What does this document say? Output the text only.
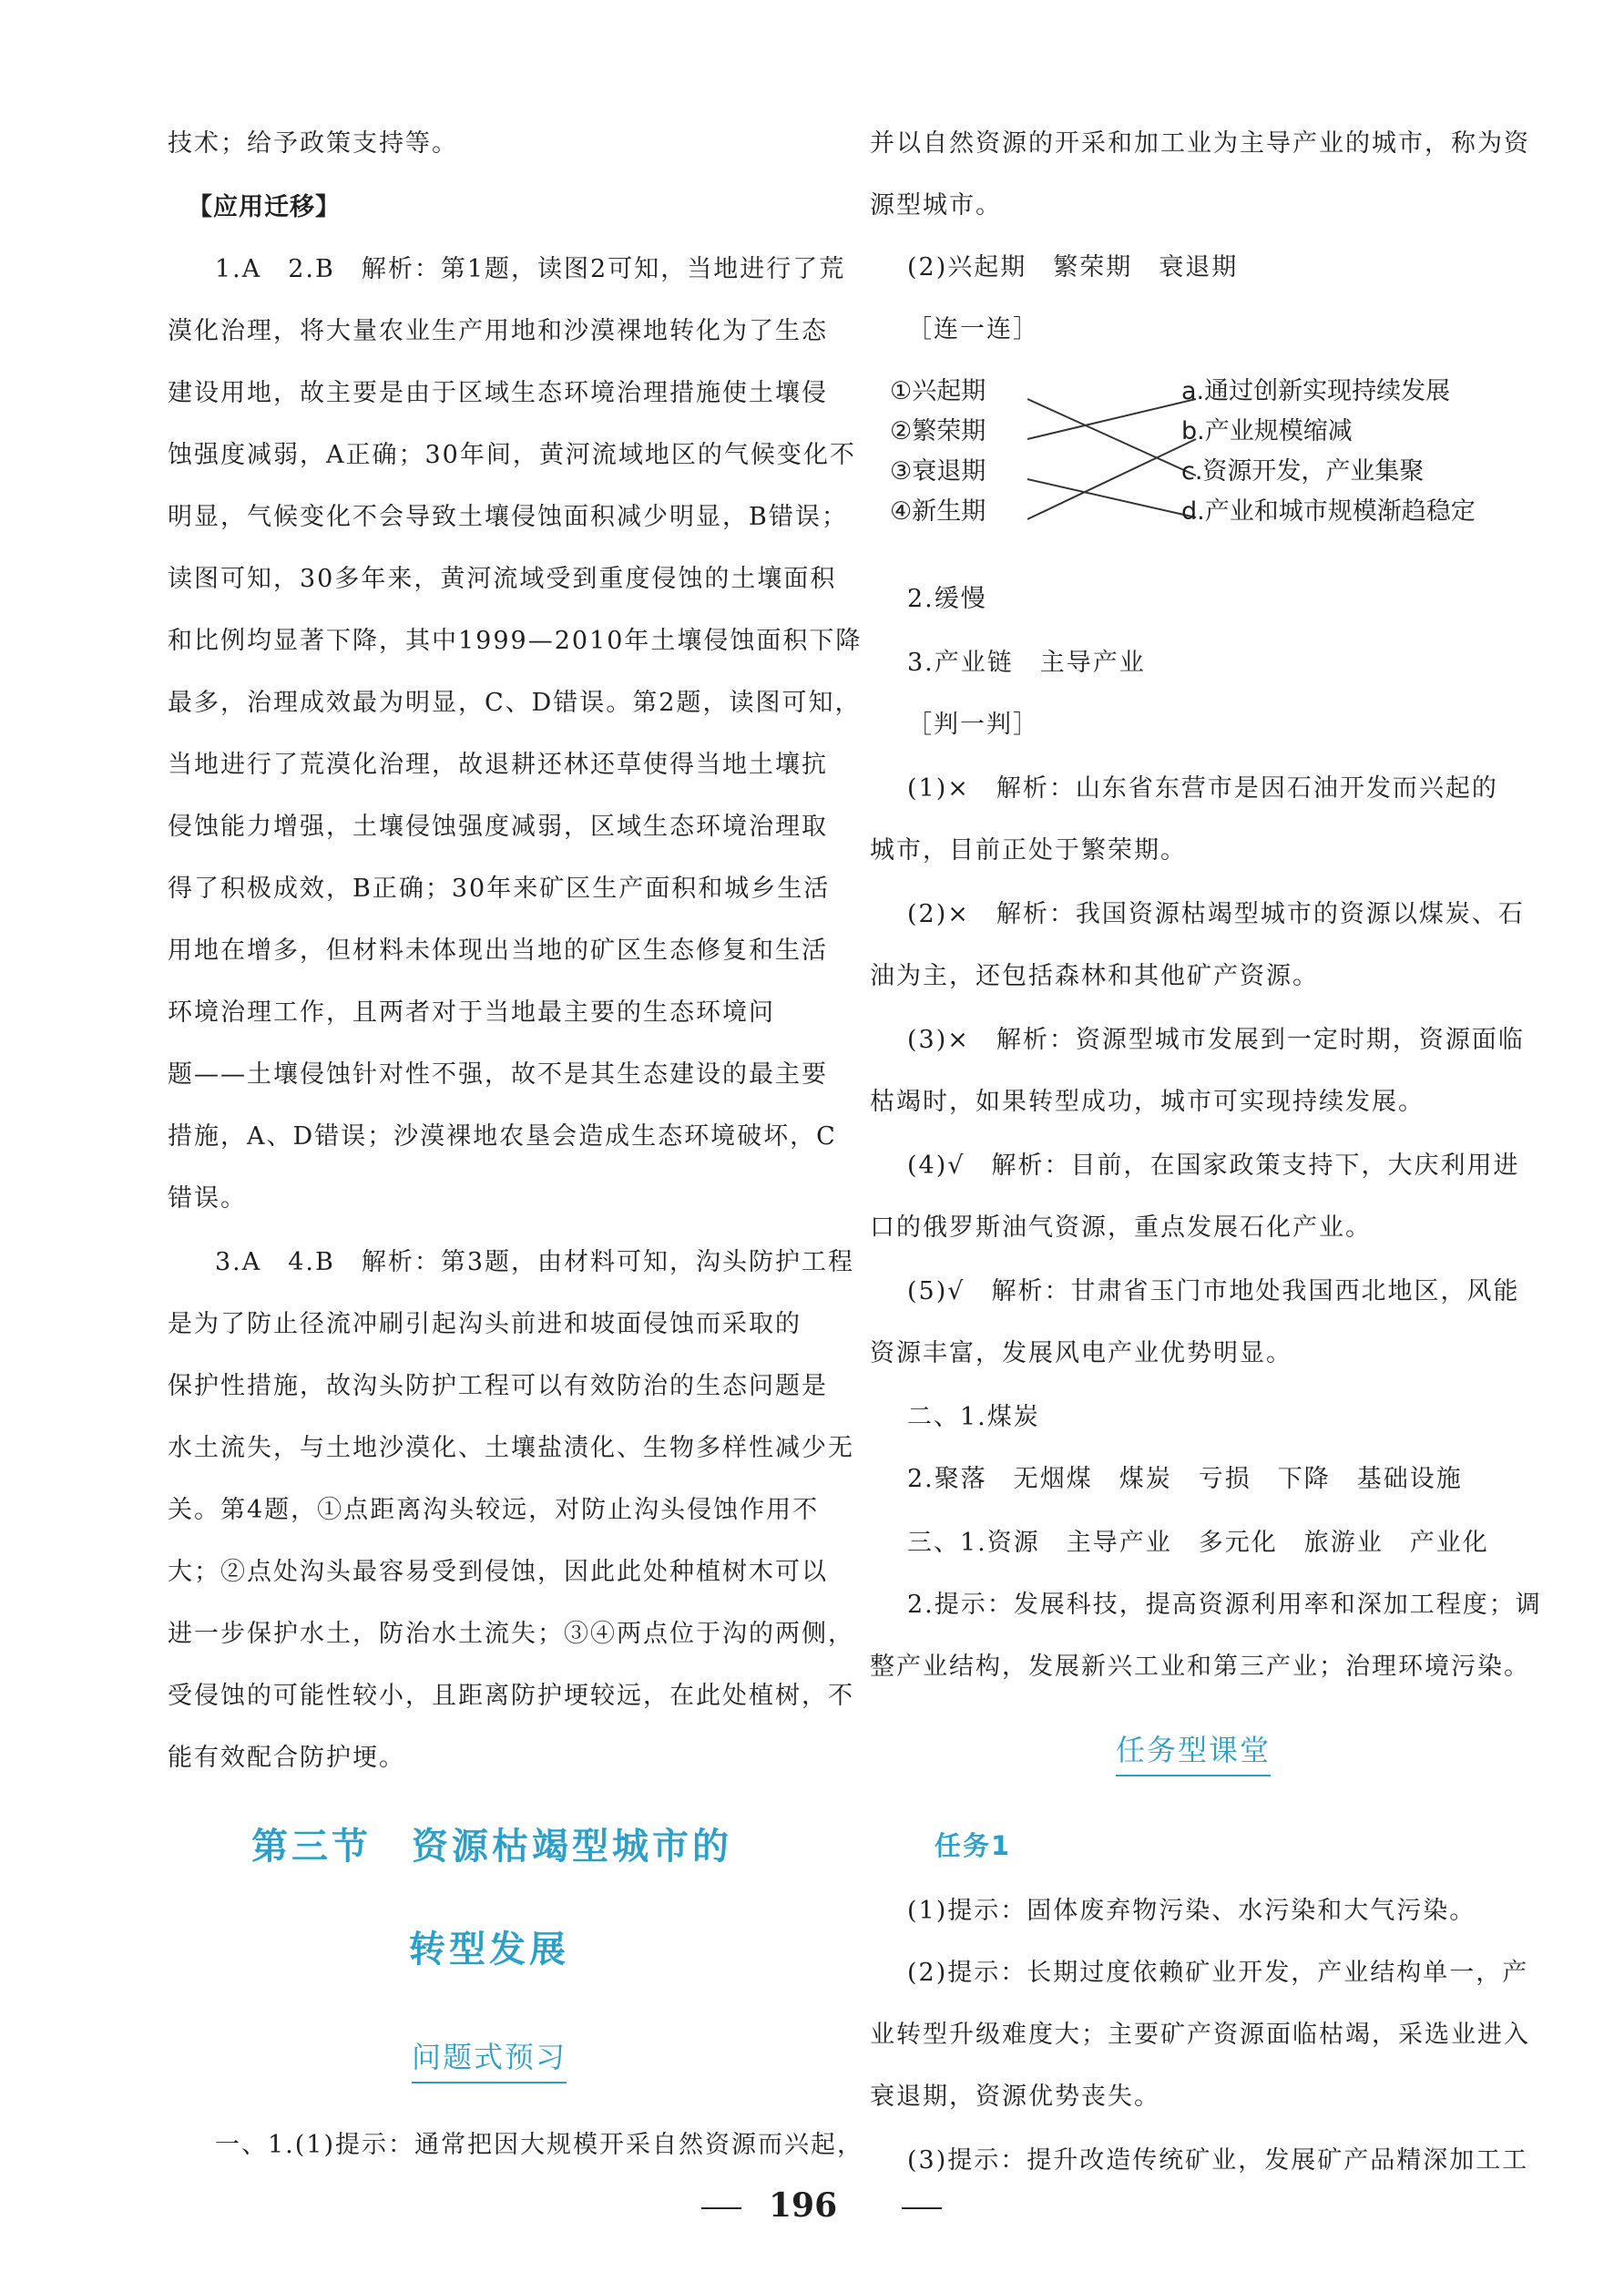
技术；给予政策支持等。
【应用迁移】
1.A　2.B　解析：第1题，读图2可知，当地进行了荒
漠化治理，将大量农业生产用地和沙漠裸地转化为了生态
建设用地，故主要是由于区域生态环境治理措施使土壤侵
蚀强度减弱，A正确；30年间，黄河流域地区的气候变化不
明显，气候变化不会导致土壤侵蚀面积减少明显，B错误；
读图可知，30多年来，黄河流域受到重度侵蚀的土壤面积
和比例均显著下降，其中1999—2010年土壤侵蚀面积下降
最多，治理成效最为明显，C、D错误。第2题，读图可知，
当地进行了荒漠化治理，故退耕还林还草使得当地土壤抗
侵蚀能力增强，土壤侵蚀强度减弱，区域生态环境治理取
得了积极成效，B正确；30年来矿区生产面积和城乡生活
用地在增多，但材料未体现出当地的矿区生态修复和生活
环境治理工作，且两者对于当地最主要的生态环境问
题——土壤侵蚀针对性不强，故不是其生态建设的最主要
措施，A、D错误；沙漠裸地农垦会造成生态环境破坏，C
错误。
3.A　4.B　解析：第3题，由材料可知，沟头防护工程
是为了防止径流冲刷引起沟头前进和坡面侵蚀而采取的
保护性措施，故沟头防护工程可以有效防治的生态问题是
水土流失，与土地沙漠化、土壤盐渍化、生物多样性减少无
关。第4题，①点距离沟头较远，对防止沟头侵蚀作用不
大；②点处沟头最容易受到侵蚀，因此此处种植树木可以
进一步保护水土，防治水土流失；③④两点位于沟的两侧，
受侵蚀的可能性较小，且距离防护埂较远，在此处植树，不
能有效配合防护埂。
第三节　资源枯竭型城市的
转型发展
问题式预习
一、1.(1)提示：通常把因大规模开采自然资源而兴起，
并以自然资源的开采和加工业为主导产业的城市，称为资
源型城市。
(2)兴起期　繁荣期　衰退期
［连一连］
①兴起期
②繁荣期
③衰退期
④新生期
a.通过创新实现持续发展
b.产业规模缩减
c.资源开发，产业集聚
d.产业和城市规模渐趋稳定
2.缓慢
3.产业链　主导产业
［判一判］
(1)×　解析：山东省东营市是因石油开发而兴起的
城市，目前正处于繁荣期。
(2)×　解析：我国资源枯竭型城市的资源以煤炭、石
油为主，还包括森林和其他矿产资源。
(3)×　解析：资源型城市发展到一定时期，资源面临
枯竭时，如果转型成功，城市可实现持续发展。
(4)√　解析：目前，在国家政策支持下，大庆利用进
口的俄罗斯油气资源，重点发展石化产业。
(5)√　解析：甘肃省玉门市地处我国西北地区，风能
资源丰富，发展风电产业优势明显。
二、1.煤炭
2.聚落　无烟煤　煤炭　亏损　下降　基础设施
三、1.资源　主导产业　多元化　旅游业　产业化
2.提示：发展科技，提高资源利用率和深加工程度；调
整产业结构，发展新兴工业和第三产业；治理环境污染。
任务型课堂
任务1
(1)提示：固体废弃物污染、水污染和大气污染。
(2)提示：长期过度依赖矿业开发，产业结构单一，产
业转型升级难度大；主要矿产资源面临枯竭，采选业进入
衰退期，资源优势丧失。
(3)提示：提升改造传统矿业，发展矿产品精深加工工
196
